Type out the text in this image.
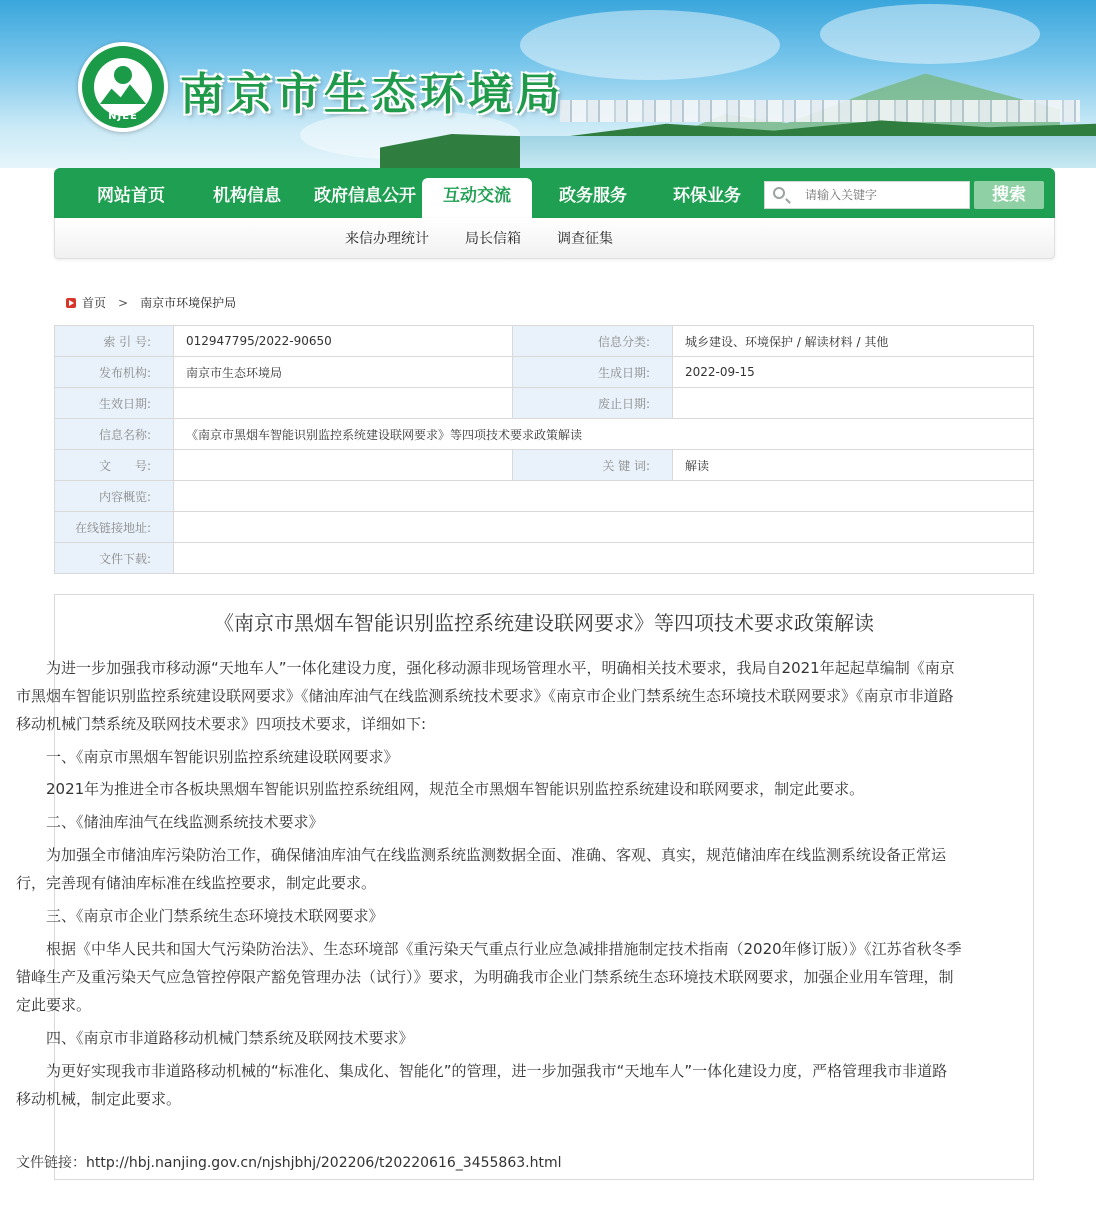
NJEE 南京市生态环境局
网站首页	机构信息	政府信息公开	互动交流	政务服务	环保业务
请输入关键字	搜索
来信办理统计	局长信箱	调查征集
首页 > 南京市环境保护局
索 引 号:	012947795/2022-90650	信息分类:	城乡建设、环境保护 / 解读材料 / 其他
发布机构:	南京市生态环境局	生成日期:	2022-09-15
生效日期:		废止日期:	
信息名称:	《南京市黑烟车智能识别监控系统建设联网要求》等四项技术要求政策解读		
文　　号:		关 键 词:	解读
内容概览:			
在线链接地址:			
文件下载:			
《南京市黑烟车智能识别监控系统建设联网要求》等四项技术要求政策解读
为进一步加强我市移动源“天地车人”一体化建设力度，强化移动源非现场管理水平，明确相关技术要求，我局自2021年起起草编制《南京市黑烟车智能识别监控系统建设联网要求》《储油库油气在线监测系统技术要求》《南京市企业门禁系统生态环境技术联网要求》《南京市非道路移动机械门禁系统及联网技术要求》四项技术要求，详细如下:
一、《南京市黑烟车智能识别监控系统建设联网要求》
2021年为推进全市各板块黑烟车智能识别监控系统组网，规范全市黑烟车智能识别监控系统建设和联网要求，制定此要求。
二、《储油库油气在线监测系统技术要求》
为加强全市储油库污染防治工作，确保储油库油气在线监测系统监测数据全面、准确、客观、真实，规范储油库在线监测系统设备正常运行，完善现有储油库标准在线监控要求，制定此要求。
三、《南京市企业门禁系统生态环境技术联网要求》
根据《中华人民共和国大气污染防治法》、生态环境部《重污染天气重点行业应急减排措施制定技术指南（2020年修订版）》《江苏省秋冬季错峰生产及重污染天气应急管控停限产豁免管理办法（试行）》要求，为明确我市企业门禁系统生态环境技术联网要求，加强企业用车管理，制定此要求。
四、《南京市非道路移动机械门禁系统及联网技术要求》
为更好实现我市非道路移动机械的“标准化、集成化、智能化”的管理，进一步加强我市“天地车人”一体化建设力度，严格管理我市非道路移动机械，制定此要求。
文件链接：http://hbj.nanjing.gov.cn/njshjbhj/202206/t20220616_3455863.html
